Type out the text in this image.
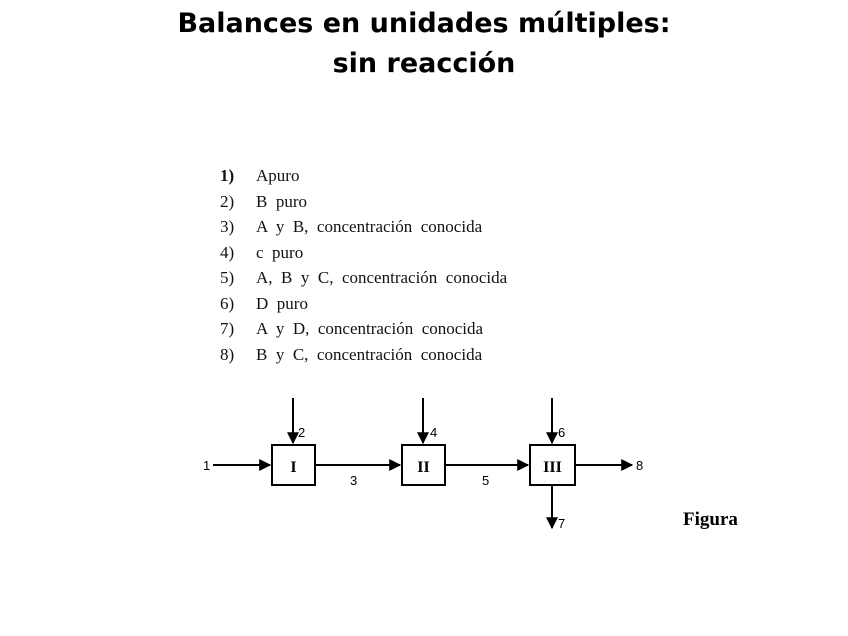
Balances en unidades múltiples:
sin reacción
1) Apuro
2) B  puro
3) A  y  B,  concentración  conocida
4) c  puro
5) A,  B  y  C,  concentración  conocida
6) D  puro
7) A  y  D,  concentración  conocida
8) B  y  C,  concentración  conocida
I	II	III
1
2
3
4
5
6
7
8
Figura
